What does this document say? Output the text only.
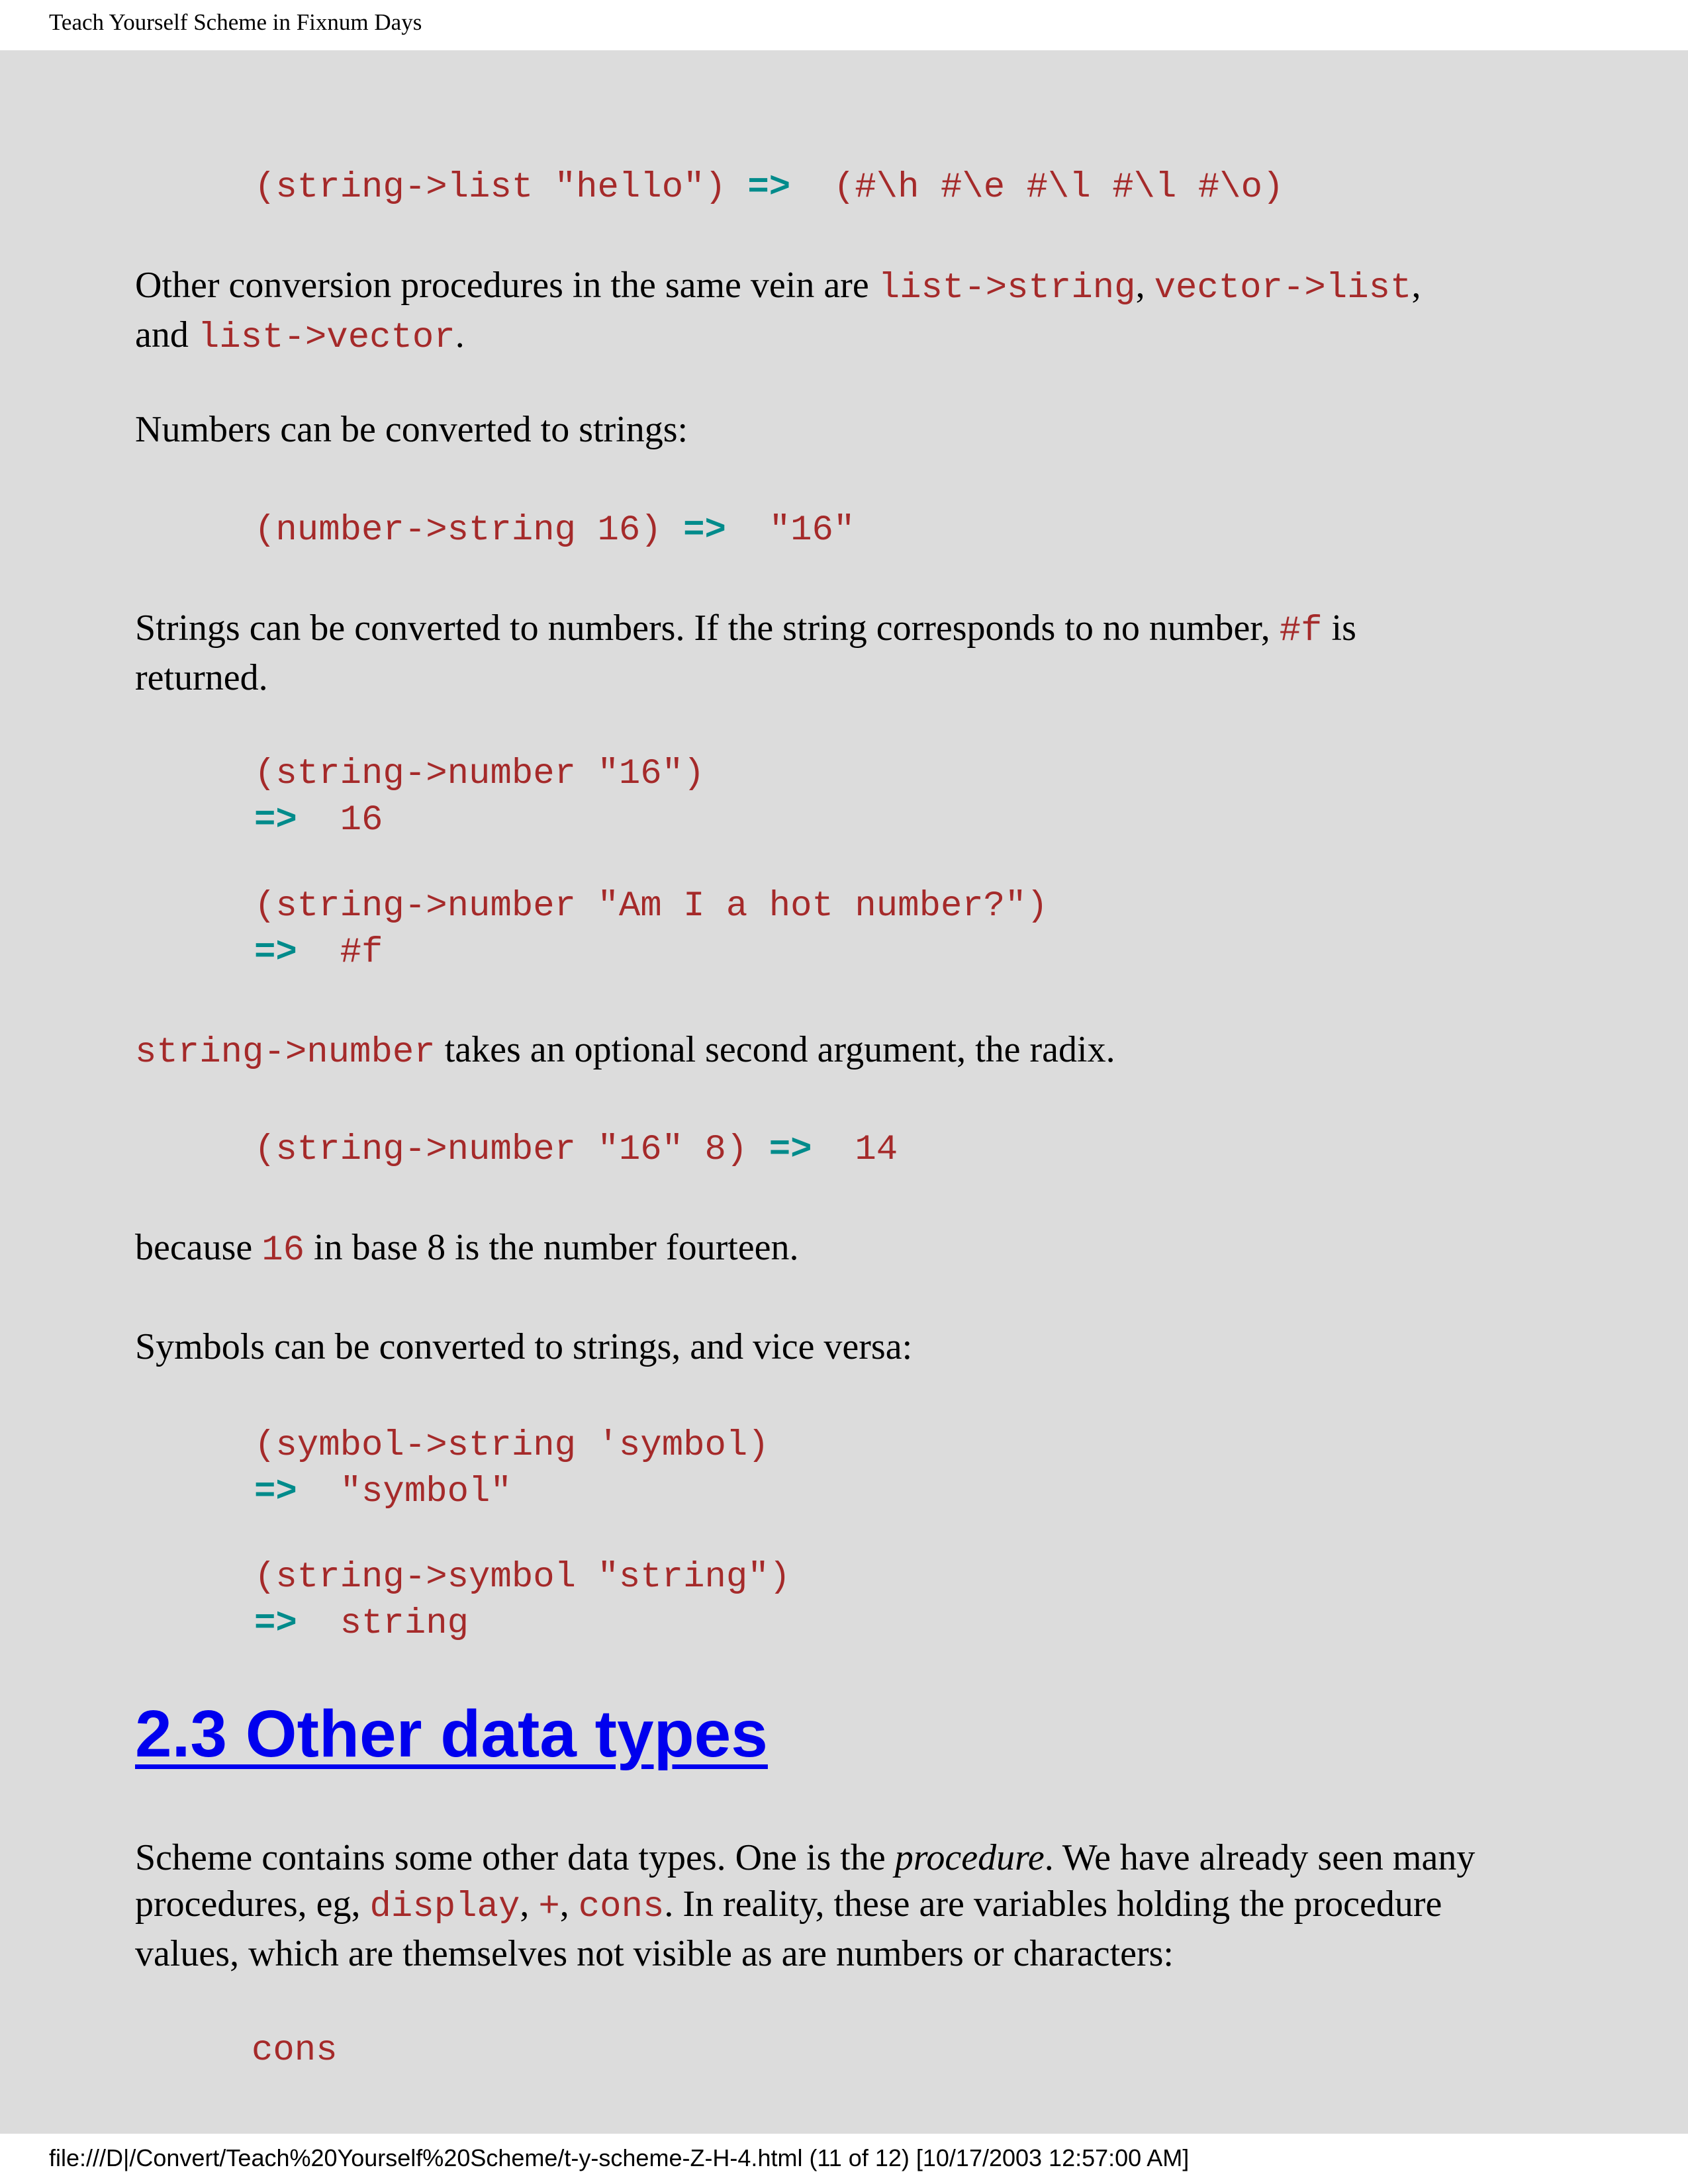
Teach Yourself Scheme in Fixnum Days
(string->list "hello") => (#\h #\e #\l #\l #\o)
Other conversion procedures in the same vein are list->string, vector->list,
and list->vector.
Numbers can be converted to strings:
(number->string 16) => "16"
Strings can be converted to numbers. If the string corresponds to no number, #f is
returned.
(string->number "16")
=> 16
(string->number "Am I a hot number?")
=> #f
string->number takes an optional second argument, the radix.
(string->number "16" 8) => 14
because 16 in base 8 is the number fourteen.
Symbols can be converted to strings, and vice versa:
(symbol->string 'symbol)
=> "symbol"
(string->symbol "string")
=> string
2.3 Other data types
Scheme contains some other data types. One is the procedure. We have already seen many
procedures, eg, display, +, cons. In reality, these are variables holding the procedure
values, which are themselves not visible as are numbers or characters:
cons
file:///D|/Convert/Teach%20Yourself%20Scheme/t-y-scheme-Z-H-4.html (11 of 12) [10/17/2003 12:57:00 AM]
